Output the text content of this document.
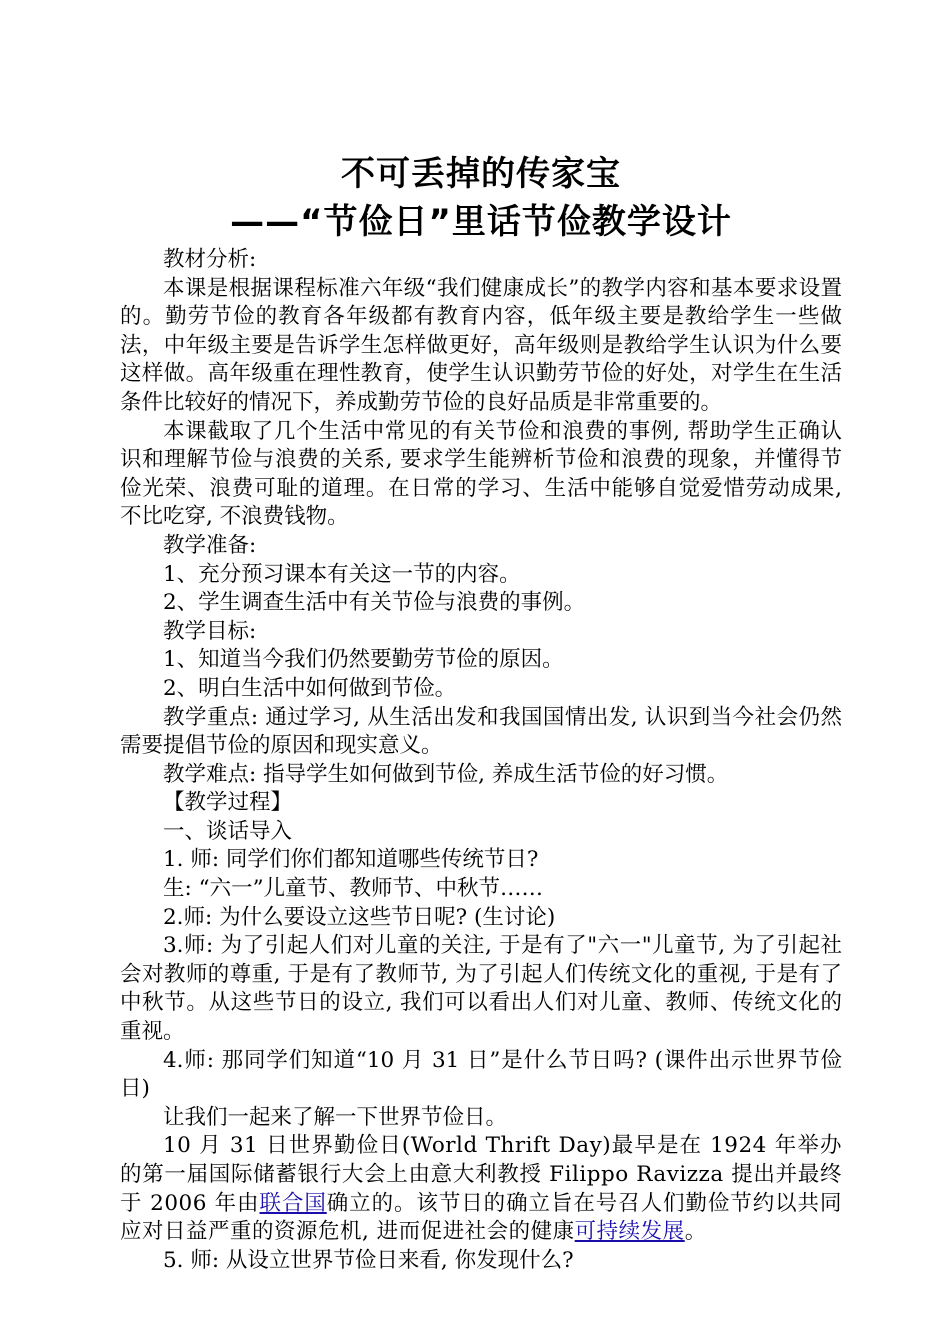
不可丢掉的传家宝
——“节俭日”里话节俭教学设计

教材分析:

本课是根据课程标准六年级“我们健康成长”的教学内容和基本要求设置的。勤劳节俭的教育各年级都有教育内容，低年级主要是教给学生一些做法，中年级主要是告诉学生怎样做更好，高年级则是教给学生认识为什么要这样做。高年级重在理性教育，使学生认识勤劳节俭的好处，对学生在生活条件比较好的情况下，养成勤劳节俭的良好品质是非常重要的。

本课截取了几个生活中常见的有关节俭和浪费的事例, 帮助学生正确认识和理解节俭与浪费的关系, 要求学生能辨析节俭和浪费的现象，并懂得节俭光荣、浪费可耻的道理。在日常的学习、生活中能够自觉爱惜劳动成果, 不比吃穿, 不浪费钱物。

教学准备:

1、充分预习课本有关这一节的内容。

2、学生调查生活中有关节俭与浪费的事例。

教学目标:

1、知道当今我们仍然要勤劳节俭的原因。

2、明白生活中如何做到节俭。

教学重点: 通过学习, 从生活出发和我国国情出发, 认识到当今社会仍然需要提倡节俭的原因和现实意义。

教学难点: 指导学生如何做到节俭, 养成生活节俭的好习惯。

【教学过程】

一、谈话导入

1. 师: 同学们你们都知道哪些传统节日?

生: “六一”儿童节、教师节、中秋节……

2.师: 为什么要设立这些节日呢? (生讨论)

3.师: 为了引起人们对儿童的关注, 于是有了"六一"儿童节, 为了引起社会对教师的尊重, 于是有了教师节, 为了引起人们传统文化的重视, 于是有了中秋节。从这些节日的设立, 我们可以看出人们对儿童、教师、传统文化的重视。

4.师: 那同学们知道“10 月 31 日”是什么节日吗? (课件出示世界节俭日)

让我们一起来了解一下世界节俭日。

10 月 31 日世界勤俭日(World Thrift Day)最早是在 1924 年举办的第一届国际储蓄银行大会上由意大利教授 Filippo Ravizza 提出并最终于 2006 年由联合国确立的。该节日的确立旨在号召人们勤俭节约以共同应对日益严重的资源危机, 进而促进社会的健康可持续发展。

5. 师: 从设立世界节俭日来看, 你发现什么?
